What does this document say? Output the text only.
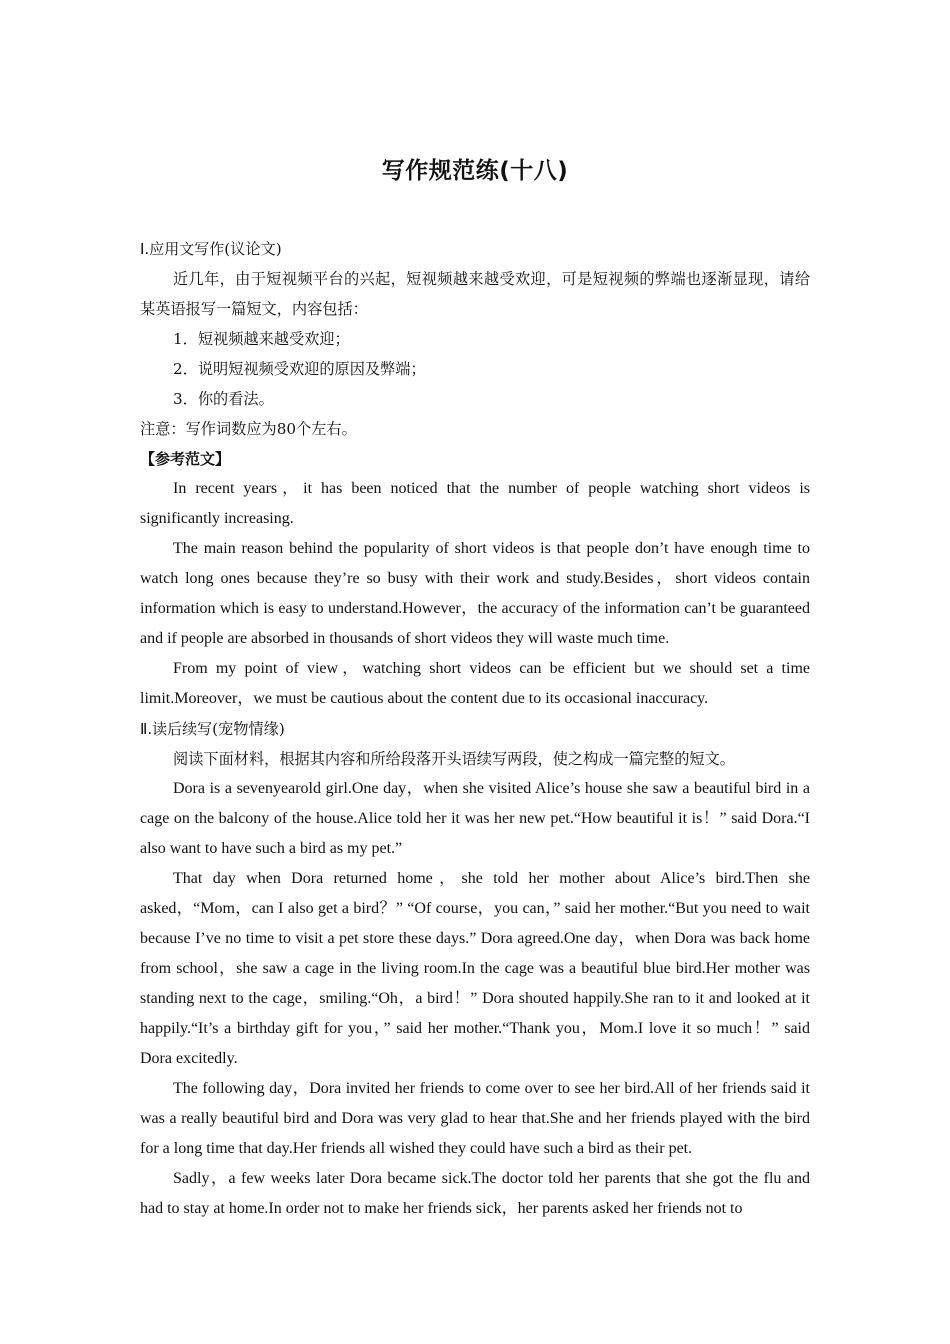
写作规范练(十八)

Ⅰ.应用文写作(议论文)

近几年，由于短视频平台的兴起，短视频越来越受欢迎，可是短视频的弊端也逐渐显现，请给某英语报写一篇短文，内容包括：

1．短视频越来越受欢迎；

2．说明短视频受欢迎的原因及弊端；

3．你的看法。

注意：写作词数应为80个左右。

【参考范文】

In recent years，it has been noticed that the number of people watching short videos is significantly increasing.

The main reason behind the popularity of short videos is that people don’t have enough time to watch long ones because they’re so busy with their work and study.Besides，short videos contain information which is easy to understand.However，the accuracy of the information can’t be guaranteed and if people are absorbed in thousands of short videos they will waste much time.

From my point of view，watching short videos can be efficient but we should set a time limit.Moreover，we must be cautious about the content due to its occasional inaccuracy.

Ⅱ.读后续写(宠物情缘)

阅读下面材料，根据其内容和所给段落开头语续写两段，使之构成一篇完整的短文。

Dora is a sevenyearold girl.One day，when she visited Alice’s house she saw a beautiful bird in a cage on the balcony of the house.Alice told her it was her new pet.“How beautiful it is！” said Dora.“I also want to have such a bird as my pet.”

That day when Dora returned home，she told her mother about Alice’s bird.Then she asked，“Mom，can I also get a bird？” “Of course，you can，” said her mother.“But you need to wait because I’ve no time to visit a pet store these days.” Dora agreed.One day，when Dora was back home from school，she saw a cage in the living room.In the cage was a beautiful blue bird.Her mother was standing next to the cage，smiling.“Oh，a bird！” Dora shouted happily.She ran to it and looked at it happily.“It’s a birthday gift for you，” said her mother.“Thank you，Mom.I love it so much！” said Dora excitedly.

The following day，Dora invited her friends to come over to see her bird.All of her friends said it was a really beautiful bird and Dora was very glad to hear that.She and her friends played with the bird for a long time that day.Her friends all wished they could have such a bird as their pet.

Sadly，a few weeks later Dora became sick.The doctor told her parents that she got the flu and had to stay at home.In order not to make her friends sick，her parents asked her friends not to
